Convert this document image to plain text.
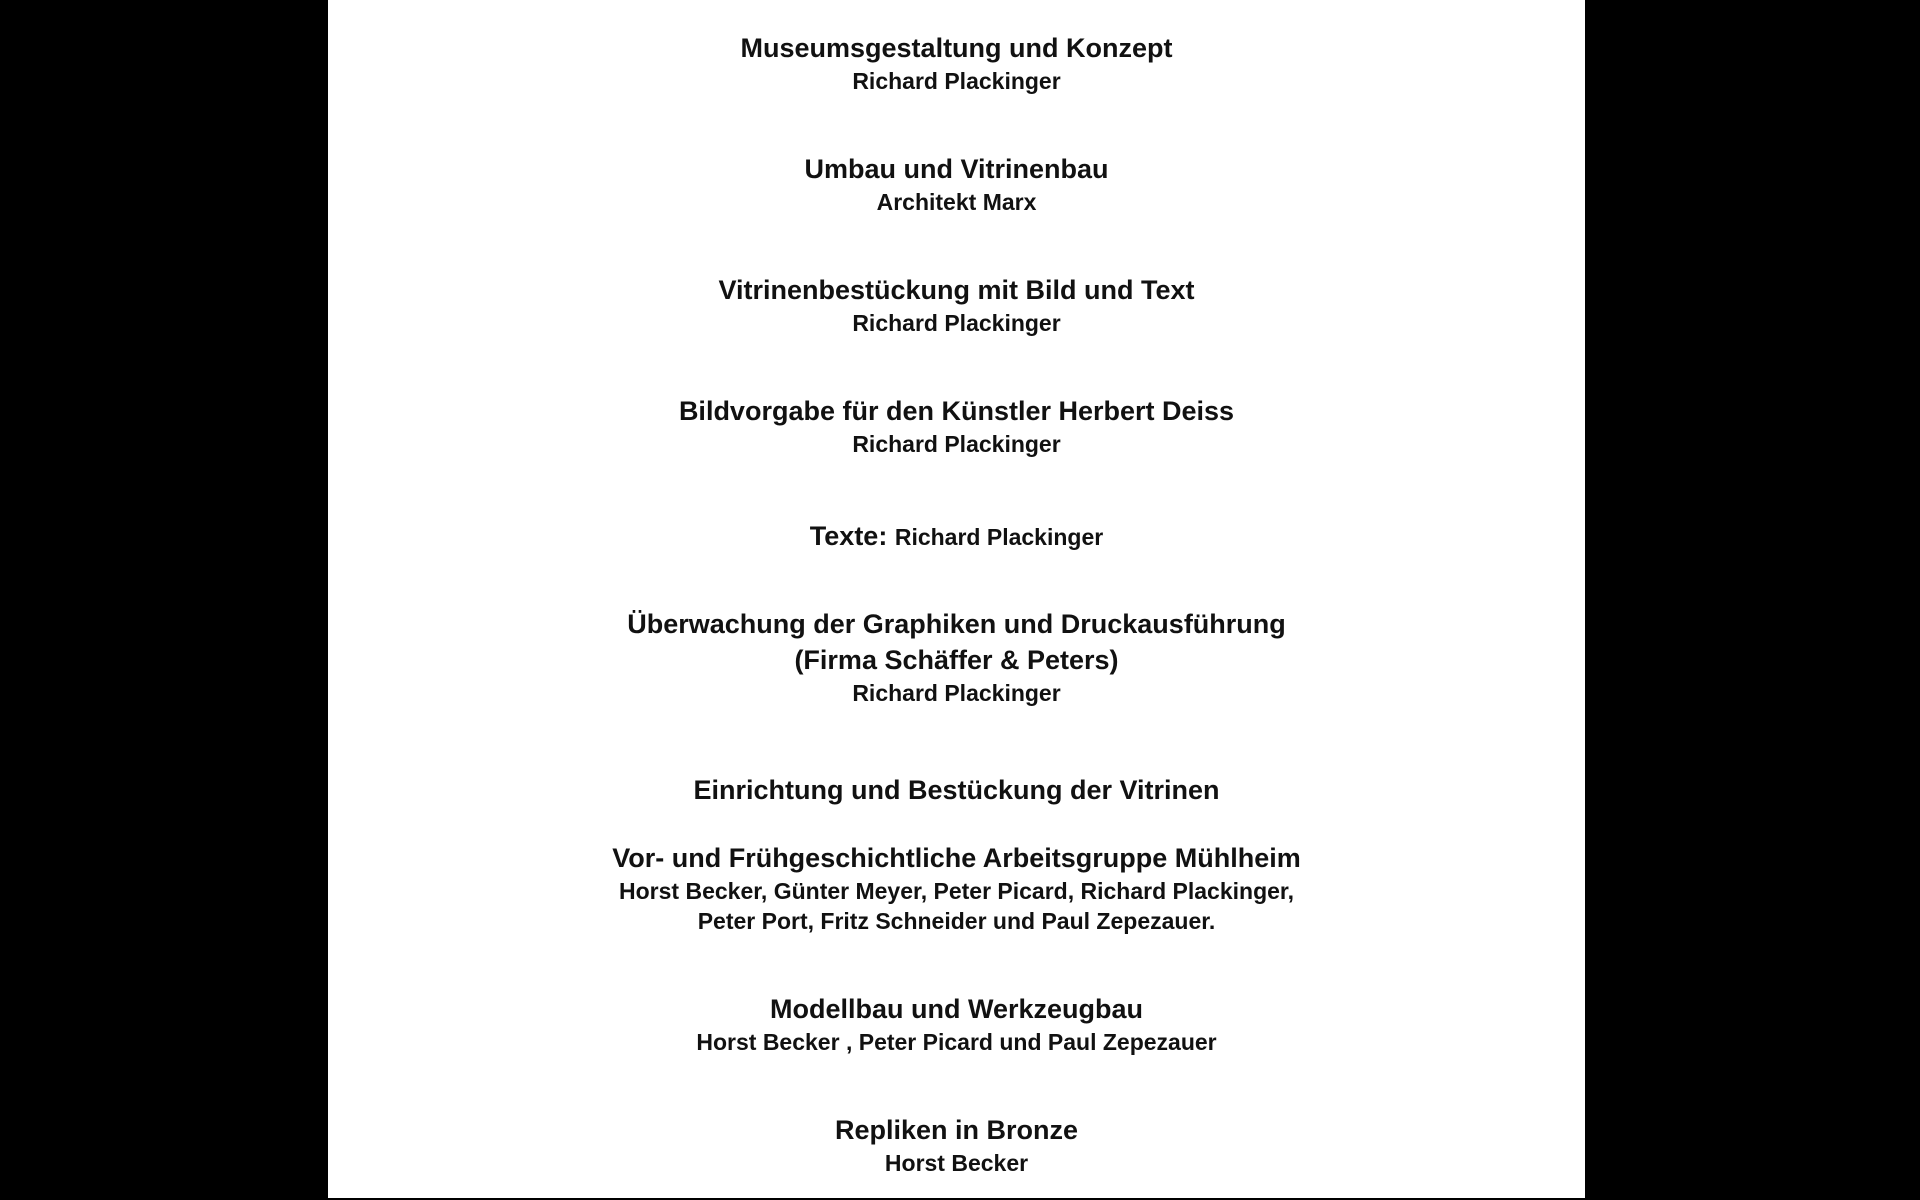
Museumsgestaltung und Konzept
Richard Plackinger
Umbau und Vitrinenbau
Architekt Marx
Vitrinenbestückung mit Bild und Text
Richard Plackinger
Bildvorgabe für den Künstler Herbert Deiss
Richard Plackinger
Texte: Richard Plackinger
Überwachung der Graphiken und Druckausführung
(Firma Schäffer & Peters)
Richard Plackinger
Einrichtung und Bestückung der Vitrinen
Vor- und Frühgeschichtliche Arbeitsgruppe Mühlheim
Horst Becker, Günter Meyer, Peter Picard, Richard Plackinger,
Peter Port, Fritz Schneider und Paul Zepezauer.
Modellbau und Werkzeugbau
Horst Becker , Peter Picard und Paul Zepezauer
Repliken in Bronze
Horst Becker
